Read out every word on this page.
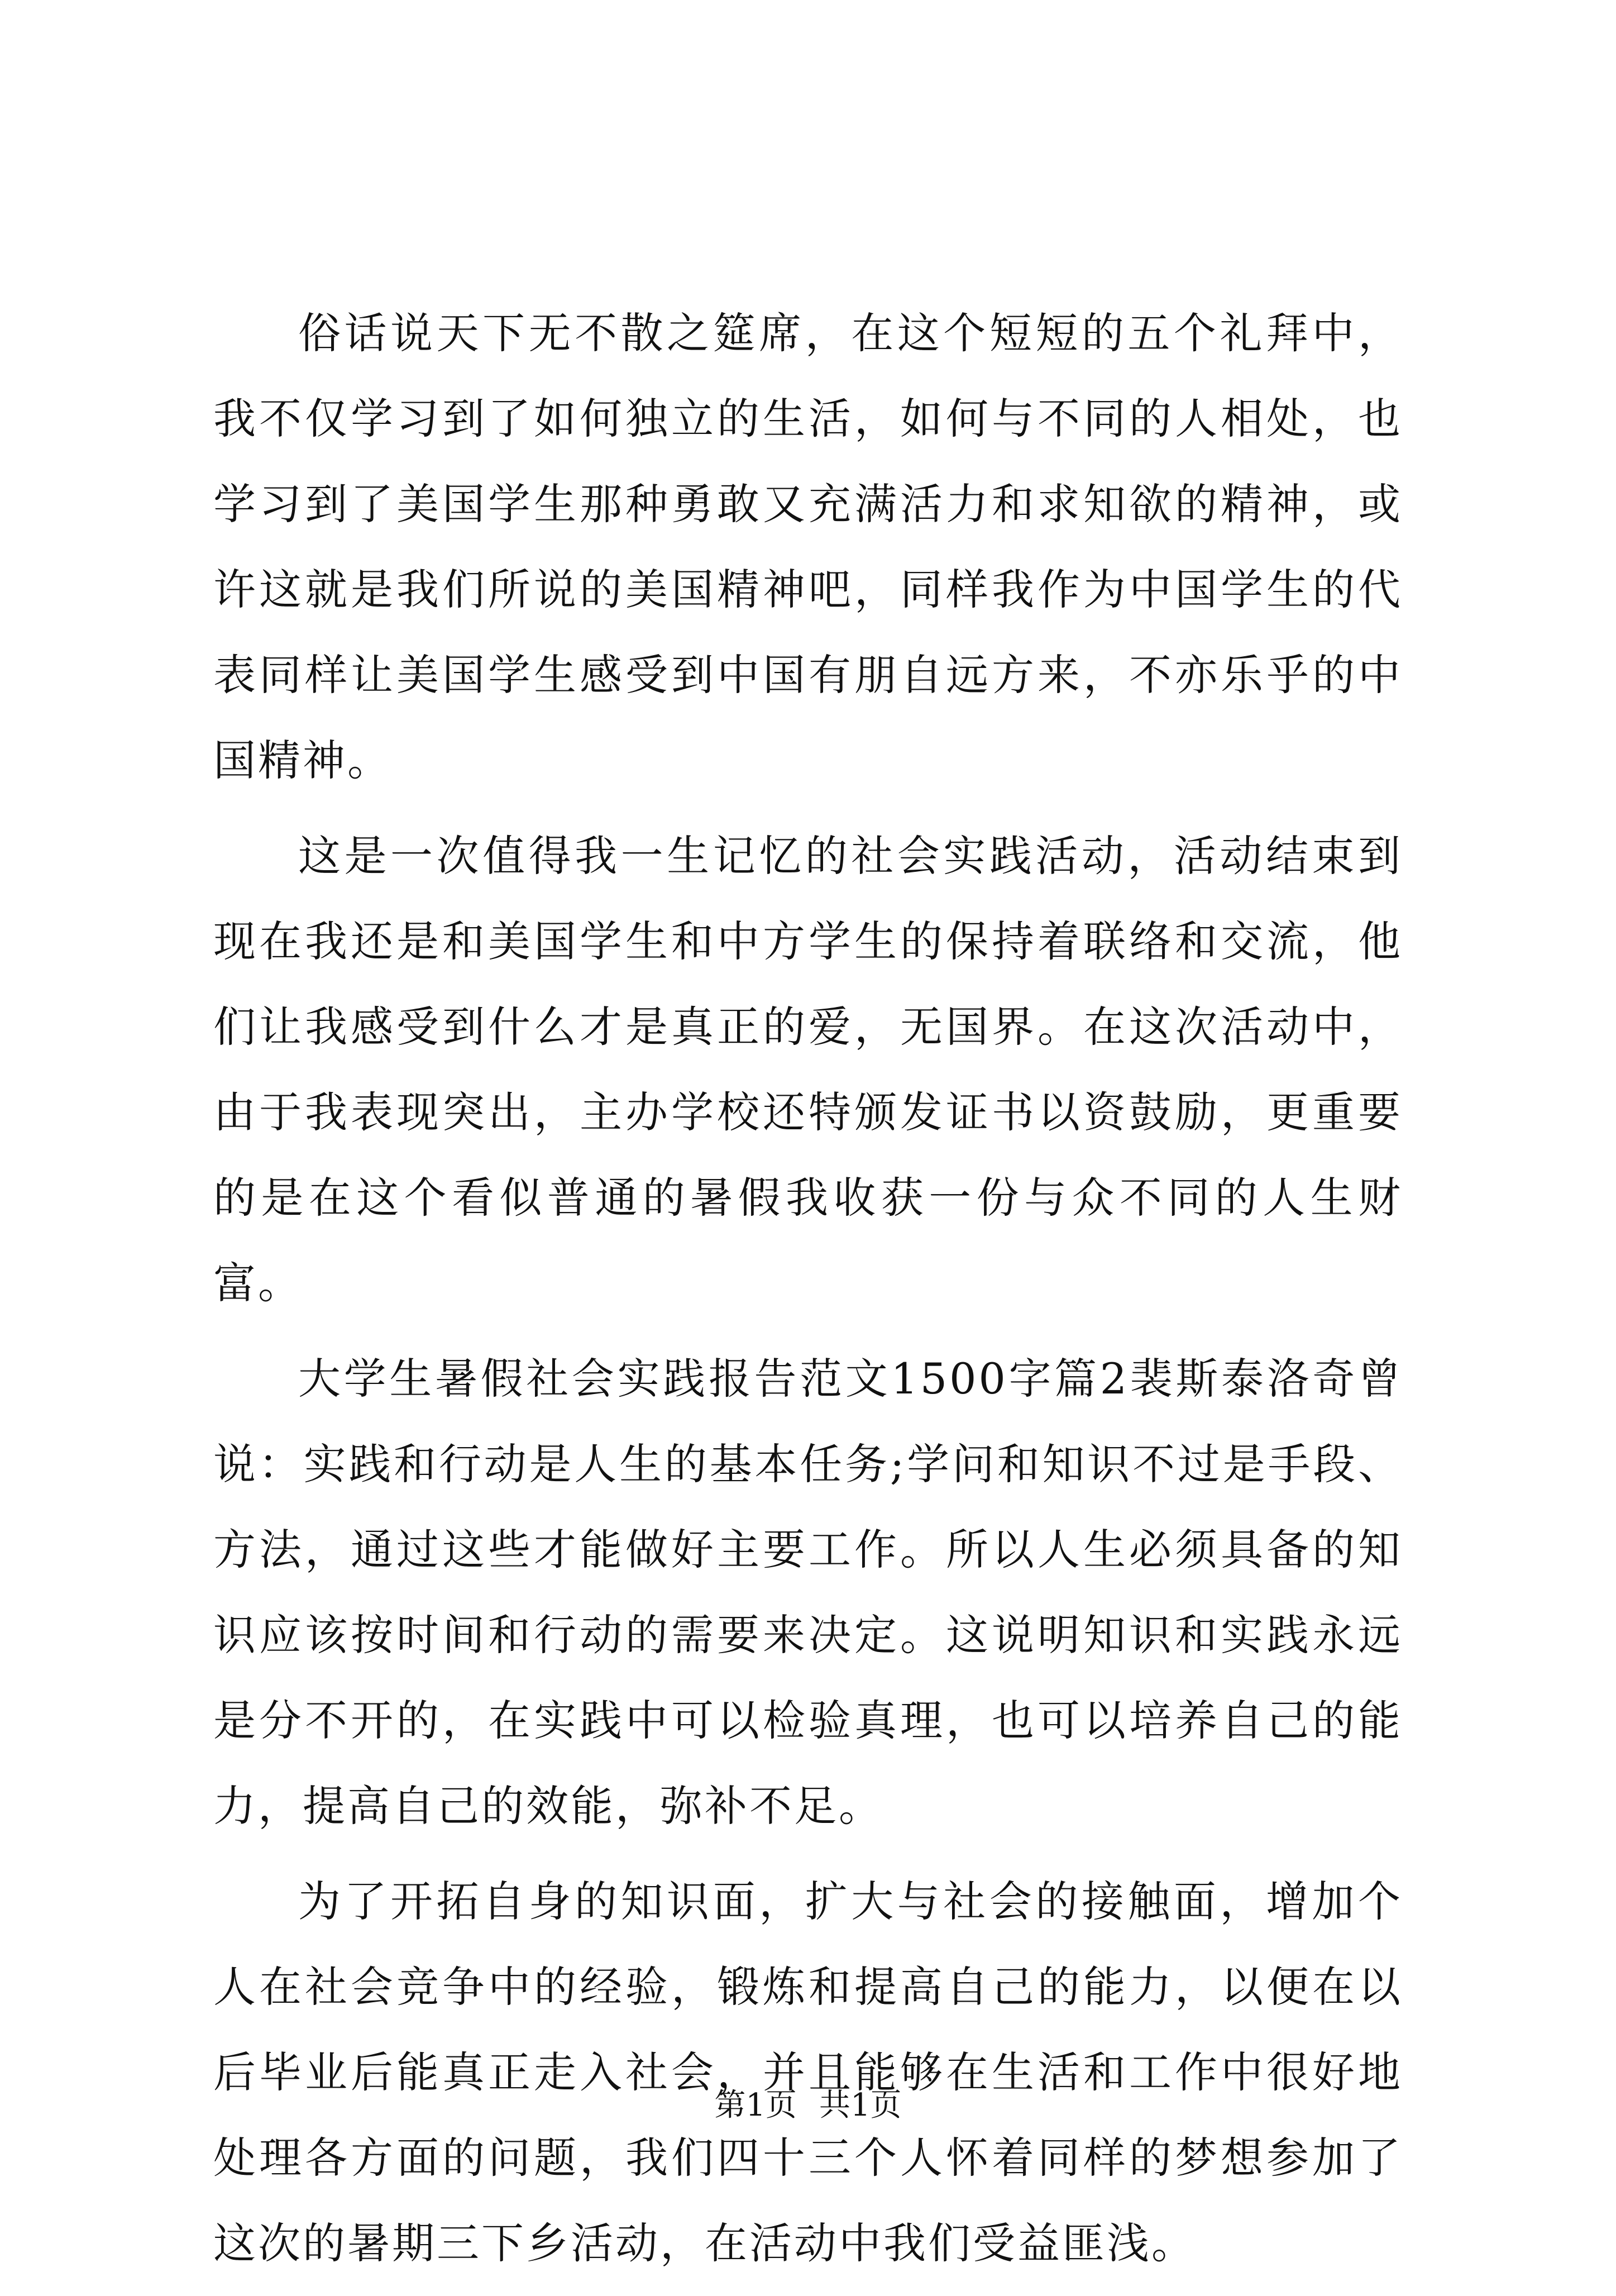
俗话说天下无不散之筵席，在这个短短的五个礼拜中，我不仅学习到了如何独立的生活，如何与不同的人相处，也学习到了美国学生那种勇敢又充满活力和求知欲的精神，或许这就是我们所说的美国精神吧，同样我作为中国学生的代表同样让美国学生感受到中国有朋自远方来，不亦乐乎的中国精神。

这是一次值得我一生记忆的社会实践活动，活动结束到现在我还是和美国学生和中方学生的保持着联络和交流，他们让我感受到什么才是真正的爱，无国界。在这次活动中，由于我表现突出，主办学校还特颁发证书以资鼓励，更重要的是在这个看似普通的暑假我收获一份与众不同的人生财富。

大学生暑假社会实践报告范文1500字篇2裴斯泰洛奇曾说：实践和行动是人生的基本任务;学问和知识不过是手段、方法，通过这些才能做好主要工作。所以人生必须具备的知识应该按时间和行动的需要来决定。这说明知识和实践永远是分不开的，在实践中可以检验真理，也可以培养自己的能力，提高自己的效能，弥补不足。

为了开拓自身的知识面，扩大与社会的接触面，增加个人在社会竞争中的经验，锻炼和提高自己的能力，以便在以后毕业后能真正走入社会，并且能够在生活和工作中很好地处理各方面的问题，我们四十三个人怀着同样的梦想参加了这次的暑期三下乡活动，在活动中我们受益匪浅。

第1页 共1页
